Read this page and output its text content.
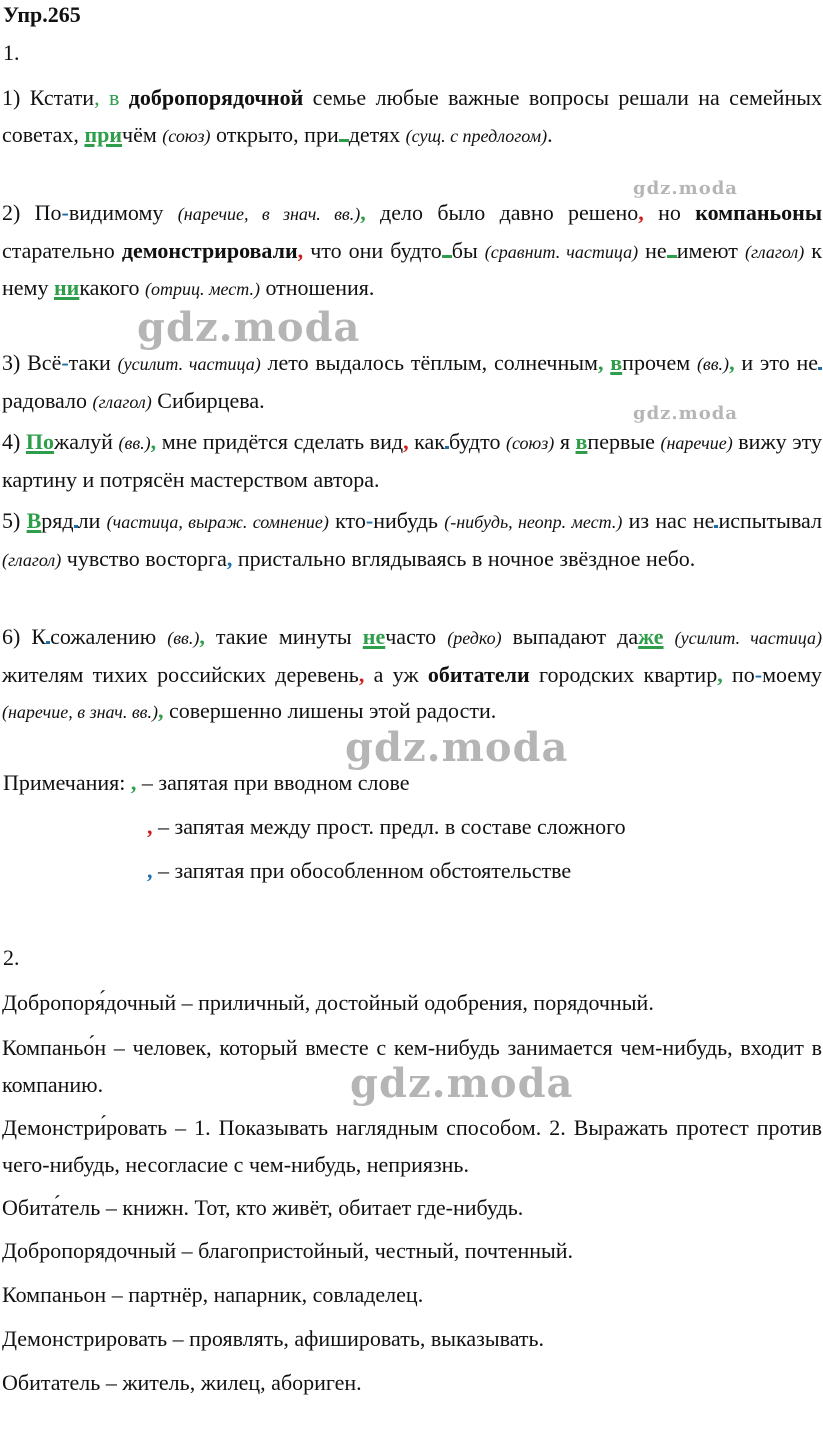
Упр.265
1.
1) Кстати, в добропорядочной семье любые важные вопросы решали на семейных советах, причём (союз) открыто, при детях (сущ. с предлогом).
2) По-видимому (наречие, в знач. вв.), дело было давно решено, но компаньоны старательно демонстрировали, что они будто бы (сравнит. частица) не имеют (глагол) к нему никакого (отриц. мест.) отношения.
3) Всё-таки (усилит. частица) лето выдалось тёплым, солнечным, впрочем (вв.), и это нерадовало (глагол) Сибирцева.
4) Пожалуй (вв.), мне придётся сделать вид, как будто (союз) я впервые (наречие) вижу эту картину и потрясён мастерством автора.
5) Вряд ли (частица, выраж. сомнение) кто-нибудь (-нибудь, неопр. мест.) из нас не испытывал (глагол) чувство восторга, пристально вглядываясь в ночное звёздное небо.
6) К сожалению (вв.), такие минуты нечасто (редко) выпадают даже (усилит. частица) жителям тихих российских деревень, а уж обитатели городских квартир, по-моему (наречие, в знач. вв.), совершенно лишены этой радости.
Примечания: , – запятая при вводном слове
, – запятая между прост. предл. в составе сложного
, – запятая при обособленном обстоятельстве
2.
Добропоря́дочный – приличный, достойный одобрения, порядочный.
Компаньо́н – человек, который вместе с кем-нибудь занимается чем-нибудь, входит в компанию.
Демонстри́ровать – 1. Показывать наглядным способом. 2. Выражать протест против чего-нибудь, несогласие с чем-нибудь, неприязнь.
Обита́тель – книжн. Тот, кто живёт, обитает где-нибудь.
Добропорядочный – благопристойный, честный, почтенный.
Компаньон – партнёр, напарник, совладелец.
Демонстрировать – проявлять, афишировать, выказывать.
Обитатель – житель, жилец, абориген.
gdz.moda
gdz.moda
gdz.moda
gdz.moda
gdz.moda
